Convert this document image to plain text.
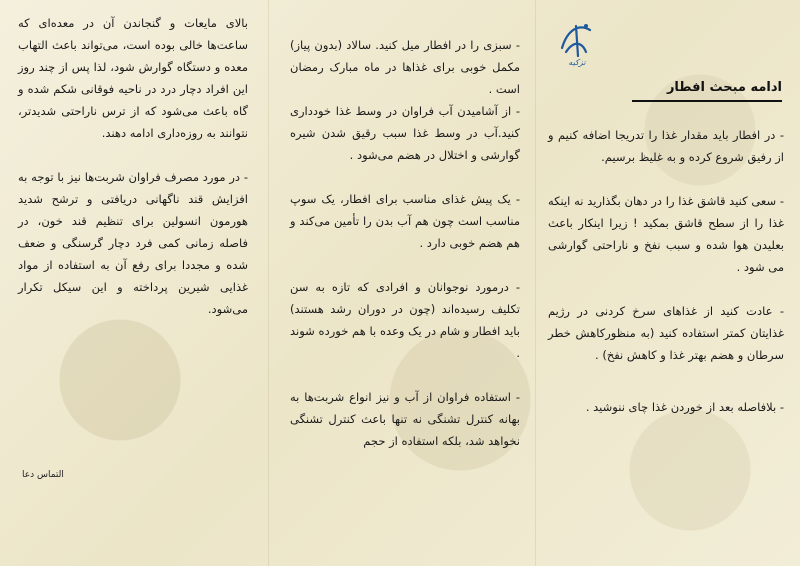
تزکیه
ادامه مبحث افطار

- در افطار باید مقدار غذا را تدریجا اضافه کنیم و از رفیق شروع کرده و به غلیظ برسیم.

- سعی کنید قاشق غذا را در دهان بگذارید نه اینکه غذا را از سطح قاشق بمکید ! زیرا اینکار باعث بعلیدن هوا شده و سبب نفخ و ناراحتی گوارشی می شود .

- عادت کنید از غذاهای سرخ کردنی در رژیم غذایتان کمتر استفاده کنید (به منظورکاهش خطر سرطان و هضم بهتر غذا و کاهش نفخ) .

- بلافاصله بعد از خوردن غذا چای ننوشید .

- سبزی را در افطار میل کنید. سالاد (بدون پیاز) مکمل خوبی برای غذاها در ماه مبارک رمضان است .

- از آشامیدن آب فراوان در وسط غذا خودداری کنید.آب در وسط غذا سبب رقیق شدن شیره گوارشی و اختلال در هضم می‌شود .

- یک پیش غذای مناسب برای افطار، یک سوپ مناسب است چون هم آب بدن را تأمین می‌کند و هم هضم خوبی دارد .

- درمورد نوجوانان و افرادی که تازه به سن تکلیف رسیده‌اند (چون در دوران رشد هستند) باید افطار و شام در یک وعده با هم خورده شوند .

- استفاده فراوان از آب و نیز انواع شربت‌ها به بهانه کنترل تشنگی نه تنها باعث کنترل تشنگی نخواهد شد، بلکه استفاده از حجم

بالای مایعات و گنجاندن آن در معده‌ای که ساعت‌ها خالی بوده است، می‌تواند باعث التهاب معده و دستگاه گوارش شود، لذا پس از چند روز این افراد دچار درد در ناحیه فوقانی شکم شده و گاه باعث می‌شود که از ترس ناراحتی شدیدتر، نتوانند به روزه‌داری ادامه دهند.

- در مورد مصرف فراوان شربت‌ها نیز با توجه به افزایش قند ناگهانی دریافتی و ترشح شدید هورمون انسولین برای تنظیم قند خون، در فاصله زمانی کمی فرد دچار گرسنگی و ضعف شده و مجددا برای رفع آن به استفاده از مواد غذایی شیرین پرداخته و این سیکل تکرار می‌شود.

التماس دعا
